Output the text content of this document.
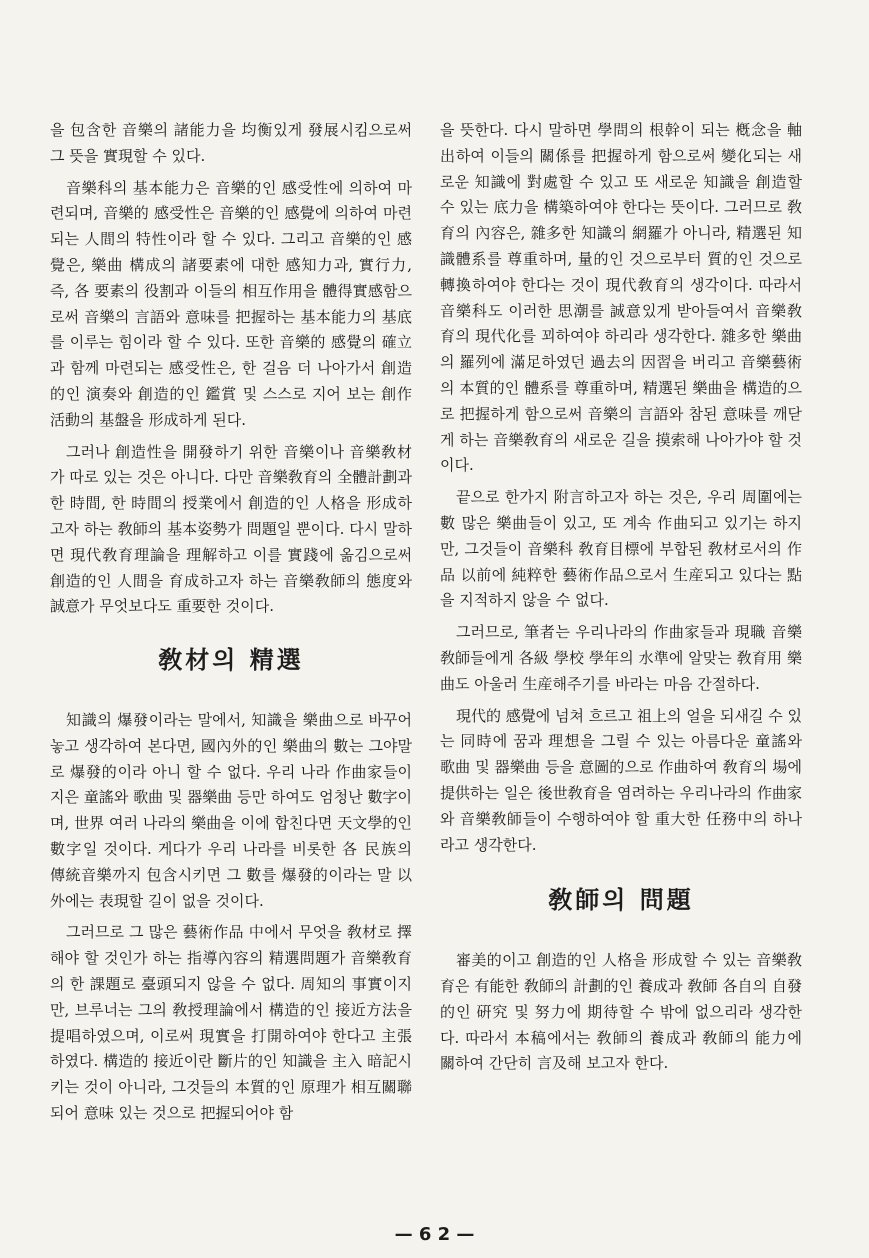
을 包含한 音樂의 諸能力을 均衡있게 發展시킴으로써 그 뜻을 實現할 수 있다.

音樂科의 基本能力은 音樂的인 感受性에 의하여 마련되며, 音樂的 感受性은 音樂的인 感覺에 의하여 마련되는 人間의 特性이라 할 수 있다. 그리고 音樂的인 感覺은, 樂曲 構成의 諸要素에 대한 感知力과, 實行力, 즉, 各 要素의 役割과 이들의 相互作用을 體得實感함으로써 音樂의 言語와 意味를 把握하는 基本能力의 基底를 이루는 힘이라 할 수 있다. 또한 音樂的 感覺의 確立과 함께 마련되는 感受性은, 한 걸음 더 나아가서 創造的인 演奏와 創造的인 鑑賞 및 스스로 지어 보는 創作活動의 基盤을 形成하게 된다.

그러나 創造性을 開發하기 위한 音樂이나 音樂敎材가 따로 있는 것은 아니다. 다만 音樂敎育의 全體計劃과 한 時間, 한 時間의 授業에서 創造的인 人格을 形成하고자 하는 敎師의 基本姿勢가 問題일 뿐이다. 다시 말하면 現代敎育理論을 理解하고 이를 實踐에 옮김으로써 創造的인 人間을 育成하고자 하는 音樂敎師의 態度와 誠意가 무엇보다도 重要한 것이다.

敎材의 精選

知識의 爆發이라는 말에서, 知識을 樂曲으로 바꾸어 놓고 생각하여 본다면, 國內外的인 樂曲의 數는 그야말로 爆發的이라 아니 할 수 없다. 우리 나라 作曲家들이 지은 童謠와 歌曲 및 器樂曲 등만 하여도 엄청난 數字이며, 世界 여러 나라의 樂曲을 이에 합친다면 天文學的인 數字일 것이다. 게다가 우리 나라를 비롯한 各 民族의 傳統音樂까지 包含시키면 그 數를 爆發的이라는 말 以外에는 表現할 길이 없을 것이다.

그러므로 그 많은 藝術作品 中에서 무엇을 敎材로 擇해야 할 것인가 하는 指導內容의 精選問題가 音樂敎育의 한 課題로 臺頭되지 않을 수 없다. 周知의 事實이지만, 브루너는 그의 敎授理論에서 構造的인 接近方法을 提唱하였으며, 이로써 現實을 打開하여야 한다고 主張하였다. 構造的 接近이란 斷片的인 知識을 主入 暗記시키는 것이 아니라, 그것들의 本質的인 原理가 相互關聯되어 意味 있는 것으로 把握되어야 함

을 뜻한다. 다시 말하면 學問의 根幹이 되는 槪念을 軸出하여 이들의 關係를 把握하게 함으로써 變化되는 새로운 知識에 對處할 수 있고 또 새로운 知識을 創造할 수 있는 底力을 構築하여야 한다는 뜻이다. 그러므로 敎育의 內容은, 雜多한 知識의 網羅가 아니라, 精選된 知識體系를 尊重하며, 量的인 것으로부터 質的인 것으로 轉換하여야 한다는 것이 現代敎育의 생각이다. 따라서 音樂科도 이러한 思潮를 誠意있게 받아들여서 音樂敎育의 現代化를 꾀하여야 하리라 생각한다. 雜多한 樂曲의 羅列에 滿足하였던 過去의 因習을 버리고 音樂藝術의 本質的인 體系를 尊重하며, 精選된 樂曲을 構造的으로 把握하게 함으로써 音樂의 言語와 참된 意味를 깨닫게 하는 音樂敎育의 새로운 길을 摸索해 나아가야 할 것이다.

끝으로 한가지 附言하고자 하는 것은, 우리 周圍에는 數 많은 樂曲들이 있고, 또 계속 作曲되고 있기는 하지만, 그것들이 音樂科 敎育目標에 부합된 敎材로서의 作品 以前에 純粹한 藝術作品으로서 生産되고 있다는 點을 지적하지 않을 수 없다.

그러므로, 筆者는 우리나라의 作曲家들과 現職 音樂敎師들에게 各級 學校 學年의 水準에 알맞는 敎育用 樂曲도 아울러 生産해주기를 바라는 마음 간절하다.

現代的 感覺에 넘쳐 흐르고 祖上의 얼을 되새길 수 있는 同時에 꿈과 理想을 그릴 수 있는 아름다운 童謠와 歌曲 및 器樂曲 등을 意圖的으로 作曲하여 敎育의 場에 提供하는 일은 後世敎育을 염려하는 우리나라의 作曲家와 音樂敎師들이 수행하여야 할 重大한 任務中의 하나라고 생각한다.

敎師의 問題

審美的이고 創造的인 人格을 形成할 수 있는 音樂敎育은 有能한 敎師의 計劃的인 養成과 敎師 各自의 自發的인 硏究 및 努力에 期待할 수 밖에 없으리라 생각한다. 따라서 本稿에서는 敎師의 養成과 敎師의 能力에 關하여 간단히 言及해 보고자 한다.

— 6 2 —
